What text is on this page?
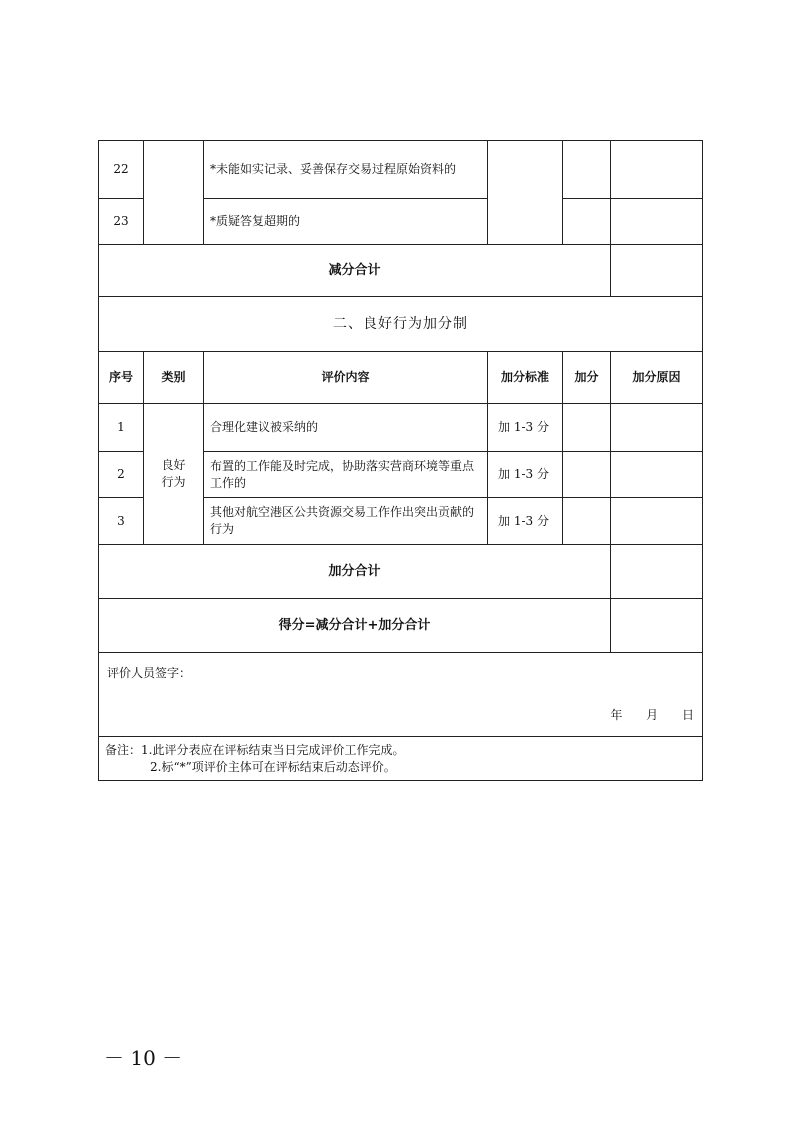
22		*未能如实记录、妥善保存交易过程原始资料的			
23		*质疑答复超期的			
减分合计					
二、良好行为加分制					
序号	类别	评价内容	加分标准	加分	加分原因
1	良好行为	合理化建议被采纳的	加 1-3 分		
2		布置的工作能及时完成，协助落实营商环境等重点工作的	加 1-3 分		
3		其他对航空港区公共资源交易工作作出突出贡献的行为	加 1-3 分		
加分合计					
得分=减分合计+加分合计					

评价人员签字：
年 月 日					

备注：1.此评分表应在评标结束当日完成评价工作完成。
2.标“*”项评价主体可在评标结束后动态评价。					
－ 10 －
